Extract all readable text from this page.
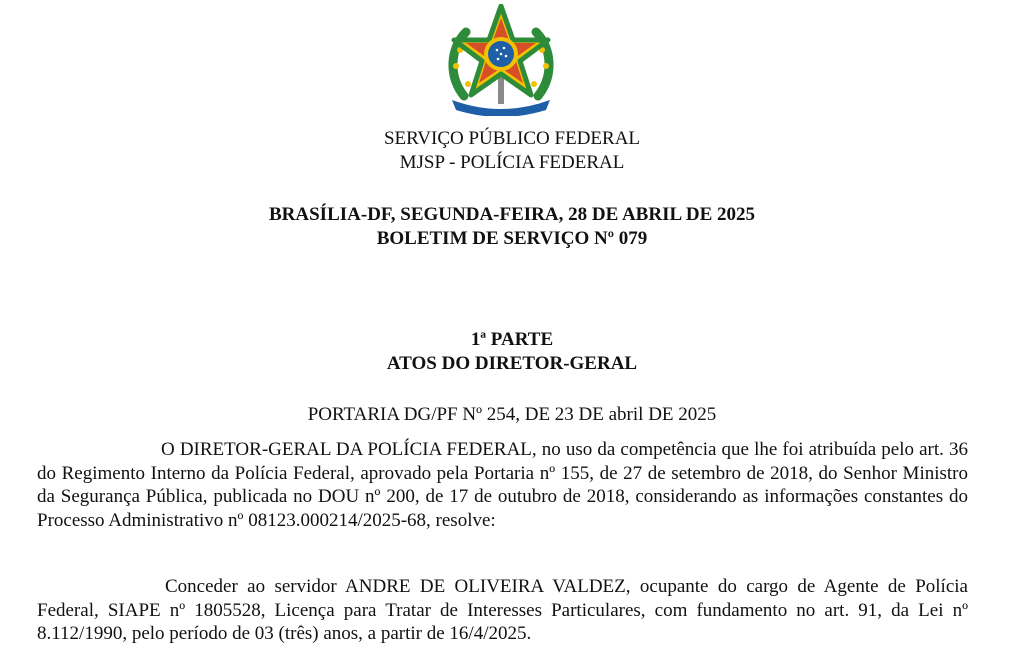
SERVIÇO PÚBLICO FEDERAL
MJSP - POLÍCIA FEDERAL
BRASÍLIA-DF, SEGUNDA-FEIRA, 28 DE ABRIL DE 2025
BOLETIM DE SERVIÇO Nº 079
1ª PARTE
ATOS DO DIRETOR-GERAL
PORTARIA DG/PF Nº 254, DE 23 DE abril DE 2025
O DIRETOR-GERAL DA POLÍCIA FEDERAL, no uso da competência que lhe foi atribuída pelo art. 36 do Regimento Interno da Polícia Federal, aprovado pela Portaria nº 155, de 27 de setembro de 2018, do Senhor Ministro da Segurança Pública, publicada no DOU nº 200, de 17 de outubro de 2018, considerando as informações constantes do Processo Administrativo nº 08123.000214/2025-68, resolve:
Conceder ao servidor ANDRE DE OLIVEIRA VALDEZ, ocupante do cargo de Agente de Polícia Federal, SIAPE nº 1805528, Licença para Tratar de Interesses Particulares, com fundamento no art. 91, da Lei nº 8.112/1990, pelo período de 03 (três) anos, a partir de 16/4/2025.
